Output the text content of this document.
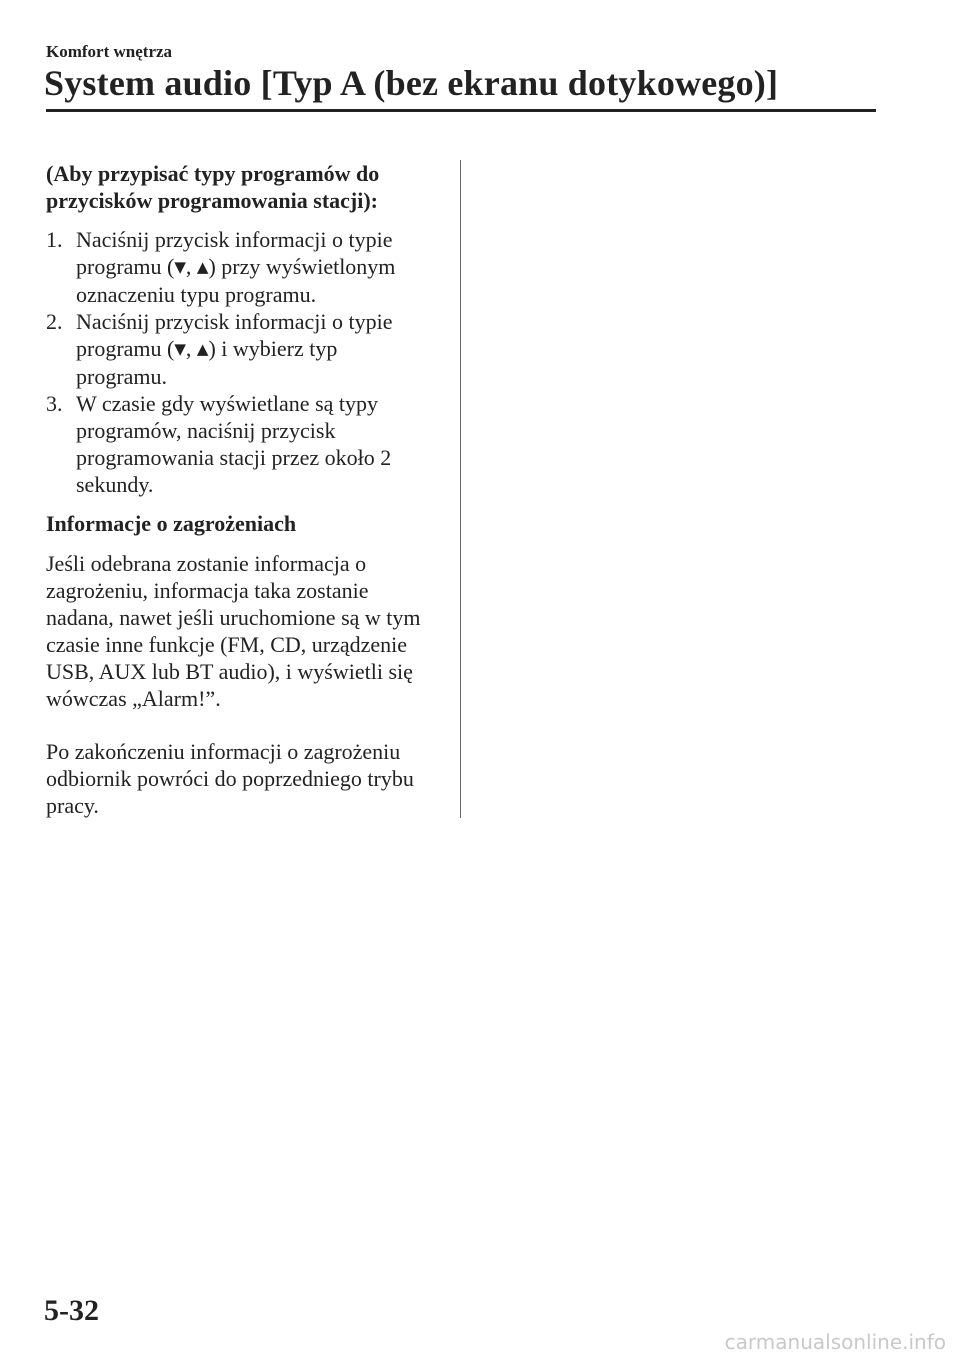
Komfort wnętrza

System audio [Typ A (bez ekranu dotykowego)]

(Aby przypisać typy programów do
przycisków programowania stacji):

1. Naciśnij przycisk informacji o typie
programu (▼, ▲) przy wyświetlonym
oznaczeniu typu programu.
2. Naciśnij przycisk informacji o typie
programu (▼, ▲) i wybierz typ
programu.
3. W czasie gdy wyświetlane są typy
programów, naciśnij przycisk
programowania stacji przez około 2
sekundy.

Informacje o zagrożeniach

Jeśli odebrana zostanie informacja o
zagrożeniu, informacja taka zostanie
nadana, nawet jeśli uruchomione są w tym
czasie inne funkcje (FM, CD, urządzenie
USB, AUX lub BT audio), i wyświetli się
wówczas „Alarm!”.

Po zakończeniu informacji o zagrożeniu
odbiornik powróci do poprzedniego trybu
pracy.

5-32

carmanualsonline.info
